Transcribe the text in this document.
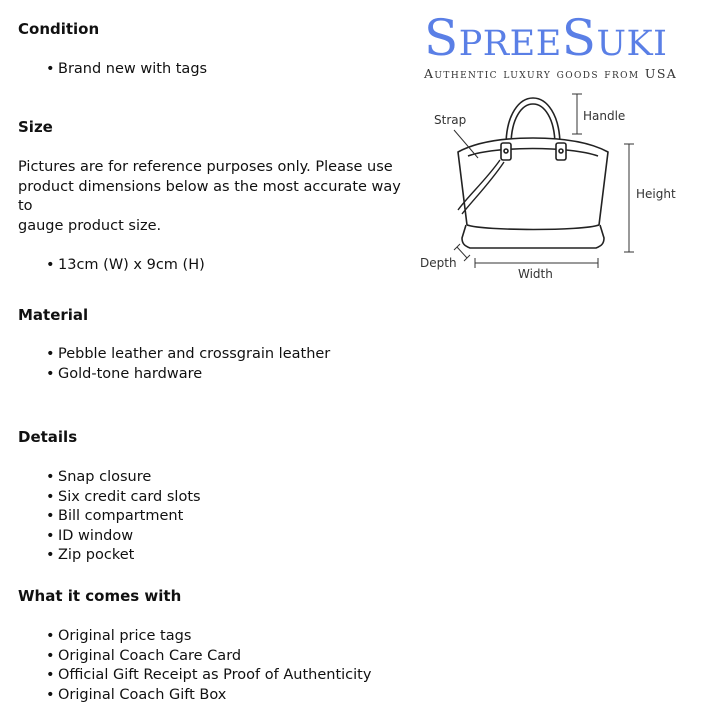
Condition
• Brand new with tags
Size

Pictures are for reference purposes only. Please use

product dimensions below as the most accurate way to

gauge product size.

• 13cm (W) x 9cm (H)
Material
• Pebble leather and crossgrain leather
• Gold-tone hardware
Details
• Snap closure
• Six credit card slots
• Bill compartment
• ID window
• Zip pocket
What it comes with
• Original price tags
• Original Coach Care Card
• Official Gift Receipt as Proof of Authenticity
• Original Coach Gift Box
SpreeSuki
Authentic luxury goods from USA
Strap	Handle
Height
Depth
Width
